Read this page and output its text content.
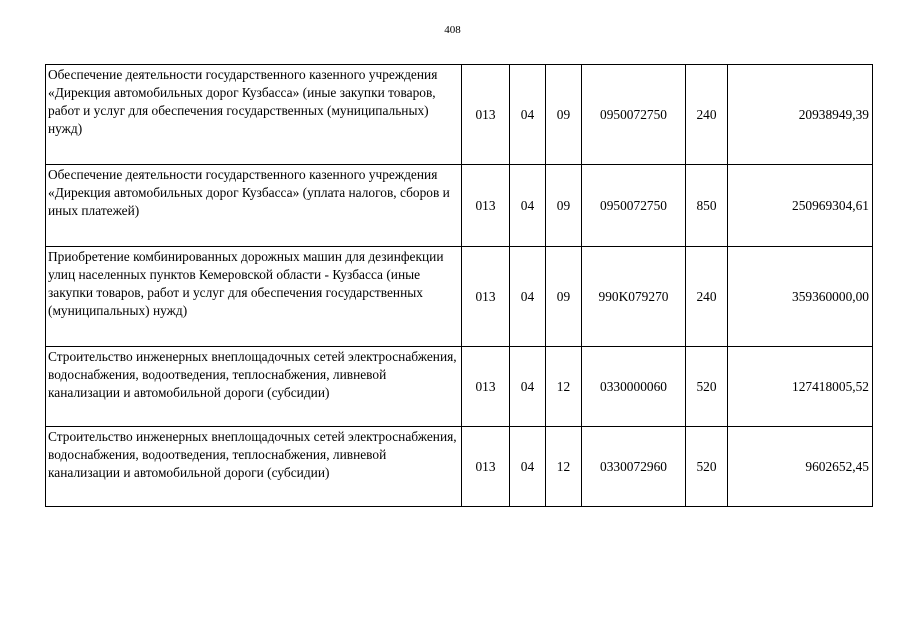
408
Обеспечение деятельности государственного казенного учреждения «Дирекция автомобильных дорог Кузбасса» (иные закупки товаров, работ и услуг для обеспечения государственных (муниципальных) нужд)	013	04	09	0950072750	240	20938949,39
Обеспечение деятельности государственного казенного учреждения «Дирекция автомобильных дорог Кузбасса» (уплата налогов, сборов и иных платежей)	013	04	09	0950072750	850	250969304,61
Приобретение комбинированных дорожных машин для дезинфекции улиц населенных пунктов Кемеровской области - Кузбасса (иные закупки товаров, работ и услуг для обеспечения государственных (муниципальных) нужд)	013	04	09	990K079270	240	359360000,00
Строительство инженерных внеплощадочных сетей электроснабжения, водоснабжения, водоотведения, теплоснабжения, ливневой канализации и автомобильной дороги (субсидии)	013	04	12	0330000060	520	127418005,52
Строительство инженерных внеплощадочных сетей электроснабжения, водоснабжения, водоотведения, теплоснабжения, ливневой канализации и автомобильной дороги (субсидии)	013	04	12	0330072960	520	9602652,45
